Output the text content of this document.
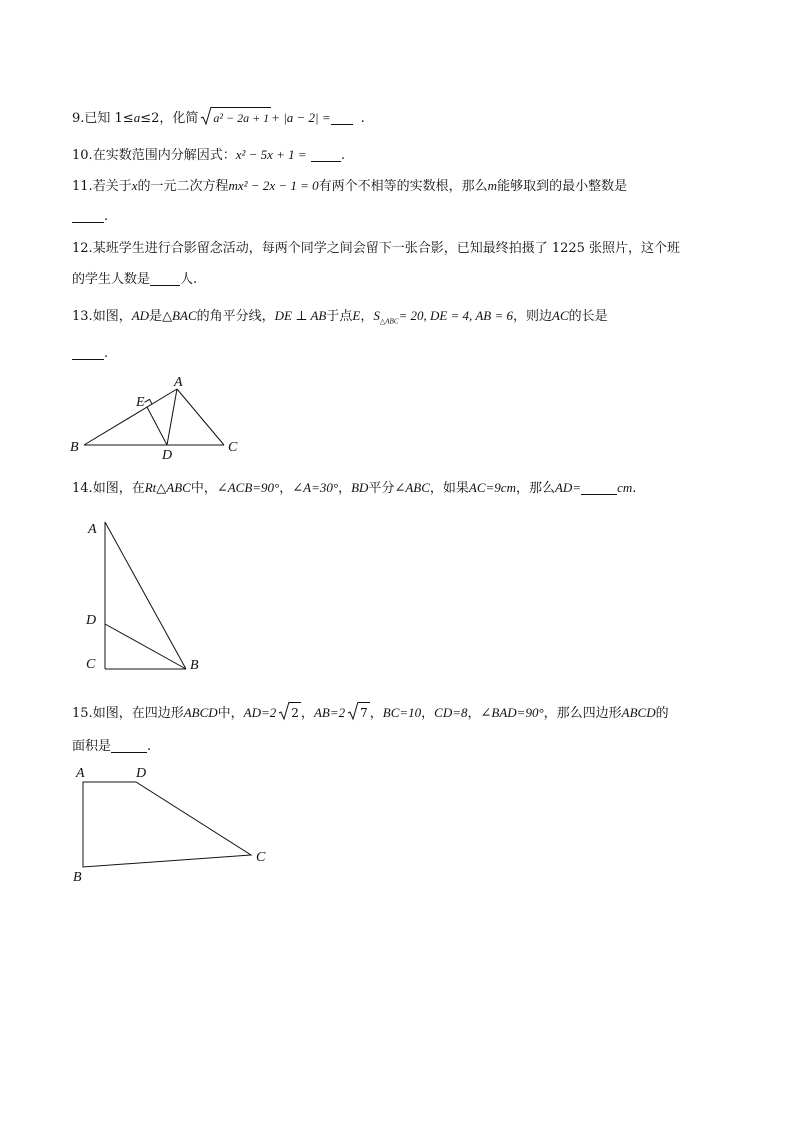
9.已知 1≤a≤2，化简 a² − 2a + 1 + |a − 2| = .
10.在实数范围内分解因式：x² − 5x + 1 =	.
11.若关于x的一元二次方程mx² − 2x − 1 = 0有两个不相等的实数根，那么m能够取到的最小整数是
.
12.某班学生进行合影留念活动，每两个同学之间会留下一张合影，已知最终拍摄了 1225 张照片，这个班
的学生人数是 人.
13.如图，AD是△BAC的角平分线，DE ⊥ AB于点E，$S_{\triangle ABC}= 20$, DE = 4, AB = 6，则边AC的长是
.
A
B	C
D
E
14.如图，在Rt△ABC中，∠ACB=90°，∠A=30°，BD平分∠ABC，如果AC=9cm，那么AD=	cm.
A
D
C	B
15.如图，在四边形ABCD中，AD=2 2 ，AB=2 7 ，BC=10，CD=8，∠BAD=90°，那么四边形ABCD的
面积是	.
A	D
C
B
